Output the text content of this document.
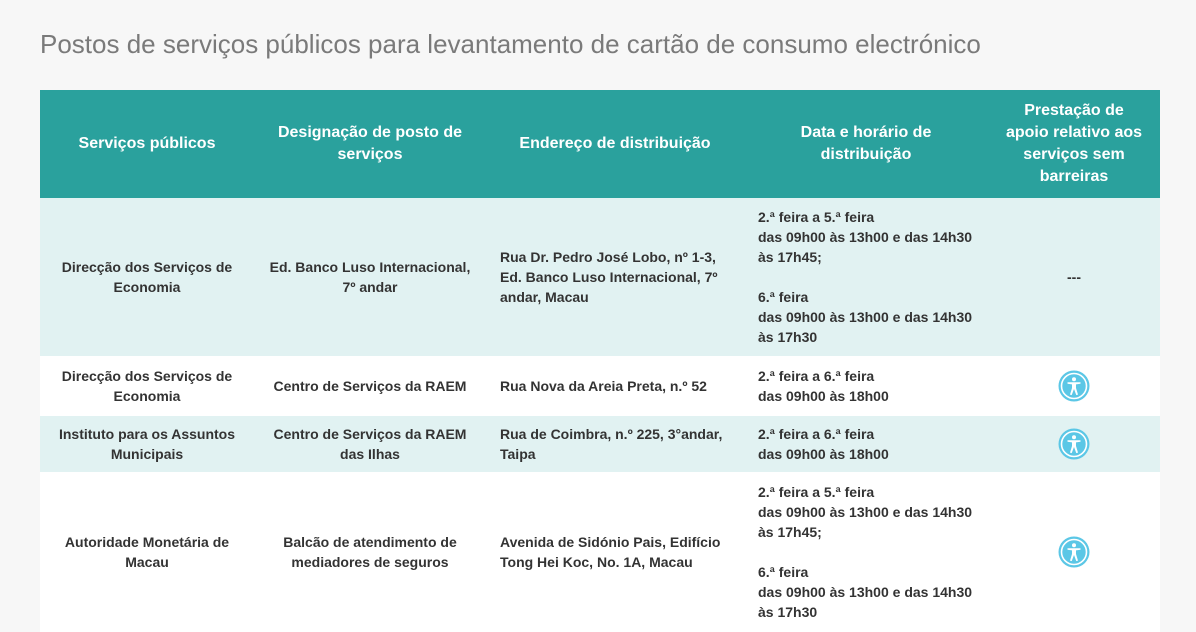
Postos de serviços públicos para levantamento de cartão de consumo electrónico
Serviços públicos	Designação de posto de serviços	Endereço de distribuição	Data e horário de distribuição	Prestação de apoio relativo aos serviços sem barreiras
Direcção dos Serviços de Economia	Ed. Banco Luso Internacional, 7º andar	Rua Dr. Pedro José Lobo, nº 1-3, Ed. Banco Luso Internacional, 7º andar, Macau	2.ª feira a 5.ª feira
das 09h00 às 13h00 e das 14h30 às 17h45;
6.ª feira
das 09h00 às 13h00 e das 14h30 às 17h30	---

Direcção dos Serviços de Economia	Centro de Serviços da RAEM	Rua Nova da Areia Preta, n.º 52	2.ª feira a 6.ª feira
das 09h00 às 18h00

Instituto para os Assuntos Municipais	Centro de Serviços da RAEM das Ilhas	Rua de Coimbra, n.º 225, 3°andar, Taipa	2.ª feira a 6.ª feira
das 09h00 às 18h00

Autoridade Monetária de Macau	Balcão de atendimento de mediadores de seguros	Avenida de Sidónio Pais, Edifício Tong Hei Koc, No. 1A, Macau	2.ª feira a 5.ª feira
das 09h00 às 13h00 e das 14h30 às 17h45;
6.ª feira
das 09h00 às 13h00 e das 14h30 às 17h30
